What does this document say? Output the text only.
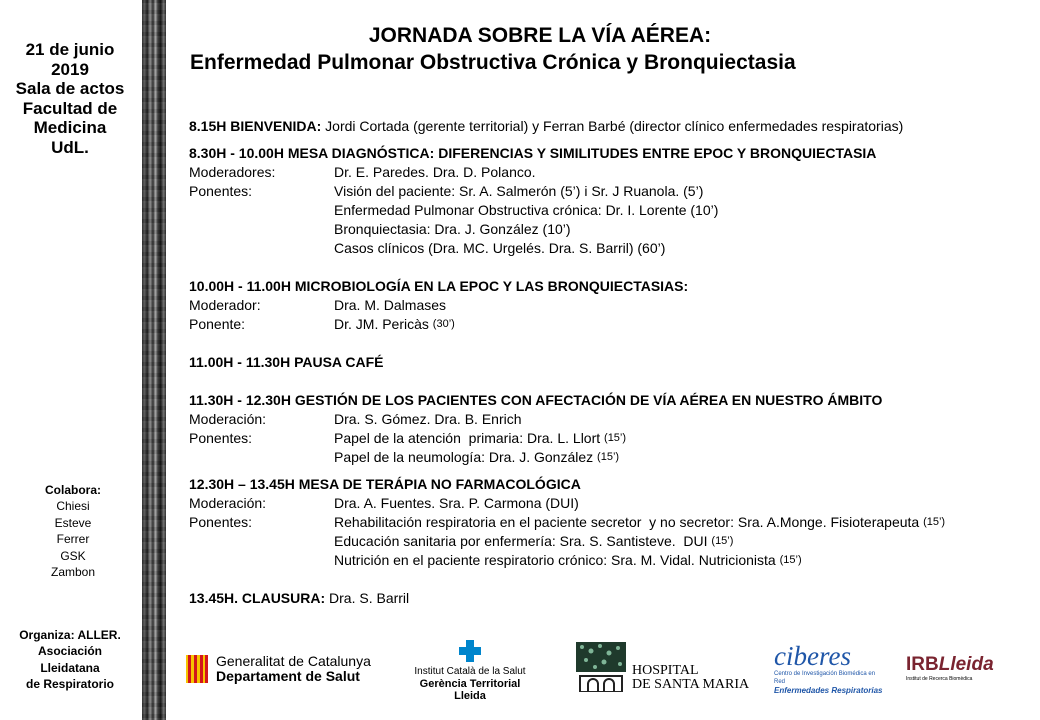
21 de junio
2019
Sala de actos
Facultad de
Medicina
UdL.
Colabora:
Chiesi
Esteve
Ferrer
GSK
Zambon
Organiza: ALLER.
Asociación
Lleidatana
de Respiratorio
JORNADA SOBRE LA VÍA AÉREA:
Enfermedad Pulmonar Obstructiva Crónica y Bronquiectasia
8.15H BIENVENIDA: Jordi Cortada (gerente territorial) y Ferran Barbé (director clínico enfermedades respiratorias)
8.30H - 10.00H MESA DIAGNÓSTICA: DIFERENCIAS Y SIMILITUDES ENTRE EPOC Y BRONQUIECTASIA
Moderadores:	Dr. E. Paredes. Dra. D. Polanco.
Ponentes:	Visión del paciente: Sr. A. Salmerón (5’) i Sr. J Ruanola. (5’)
Enfermedad Pulmonar Obstructiva crónica: Dr. I. Lorente (10’)
Bronquiectasia: Dra. J. González (10’)
Casos clínicos (Dra. MC. Urgelés. Dra. S. Barril) (60’)
10.00H - 11.00H MICROBIOLOGÍA EN LA EPOC Y LAS BRONQUIECTASIAS:
Moderador:	Dra. M. Dalmases
Ponente:	Dr. JM. Pericàs (30’)
11.00H - 11.30H PAUSA CAFÉ
11.30H - 12.30H GESTIÓN DE LOS PACIENTES CON AFECTACIÓN DE VÍA AÉREA EN NUESTRO ÁMBITO
Moderación:	Dra. S. Gómez. Dra. B. Enrich
Ponentes:	Papel de la atención  primaria: Dra. L. Llort (15’)
Papel de la neumología: Dra. J. González (15’)
12.30H – 13.45H MESA DE TERÁPIA NO FARMACOLÓGICA
Moderación:	Dra. A. Fuentes. Sra. P. Carmona (DUI)
Ponentes:	Rehabilitación respiratoria en el paciente secretor  y no secretor: Sra. A.Monge. Fisioterapeuta (15’)
Educación sanitaria por enfermería: Sra. S. Santisteve.  DUI (15’)
Nutrición en el paciente respiratorio crónico: Sra. M. Vidal. Nutricionista (15’)
13.45H. CLAUSURA: Dra. S. Barril
Generalitat de Catalunya
Departament de Salut	Institut Català de la Salut
Gerència Territorial Lleida
HOSPITAL
DE SANTA MARIA
ciberes
Centro de Investigación Biomédica en Red
Enfermedades Respiratorias
IRBLleida
Institut de Recerca Biomèdica
